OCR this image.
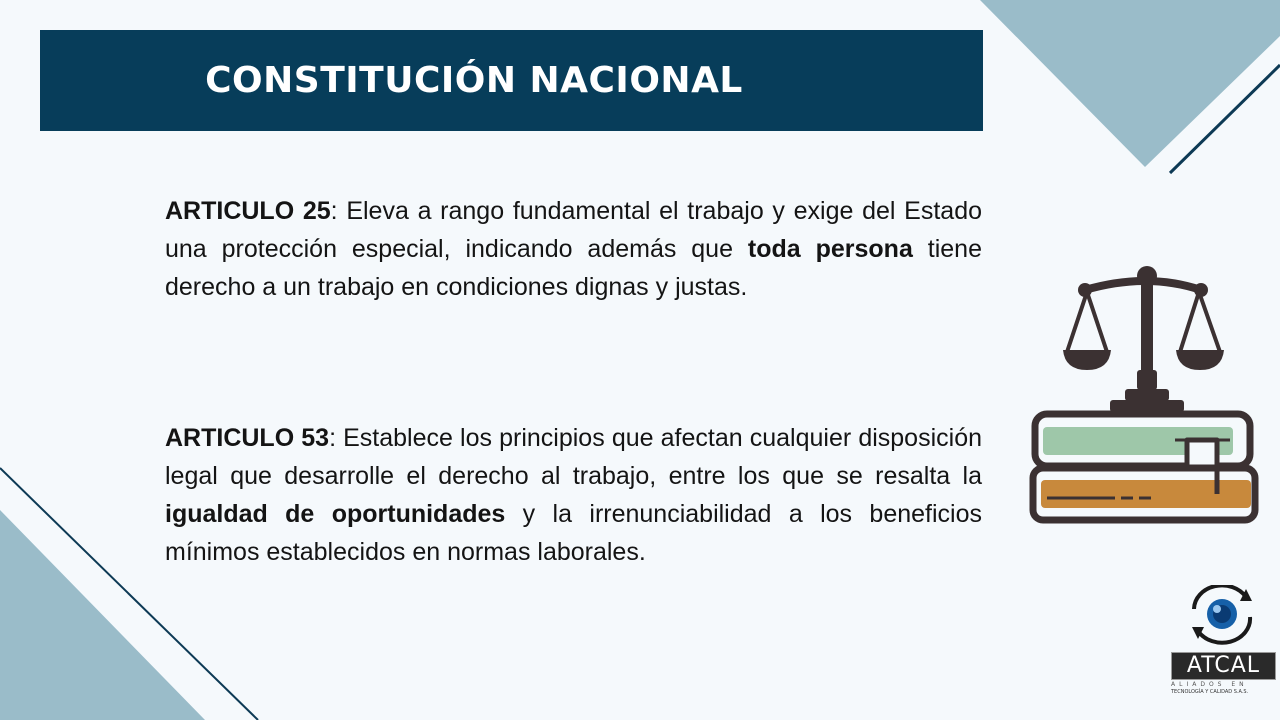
CONSTITUCIÓN NACIONAL

ARTICULO 25: Eleva a rango fundamental el trabajo y exige del Estado una protección especial, indicando además que toda persona tiene derecho a un trabajo en condiciones dignas y justas.

ARTICULO 53: Establece los principios que afectan cualquier disposición legal que desarrolle el derecho al trabajo, entre los que se resalta la igualdad de oportunidades y la irrenunciabilidad a los beneficios mínimos establecidos en normas laborales.

ATCAL
ALIADOS EN
TECNOLOGÍA Y CALIDAD S.A.S.
